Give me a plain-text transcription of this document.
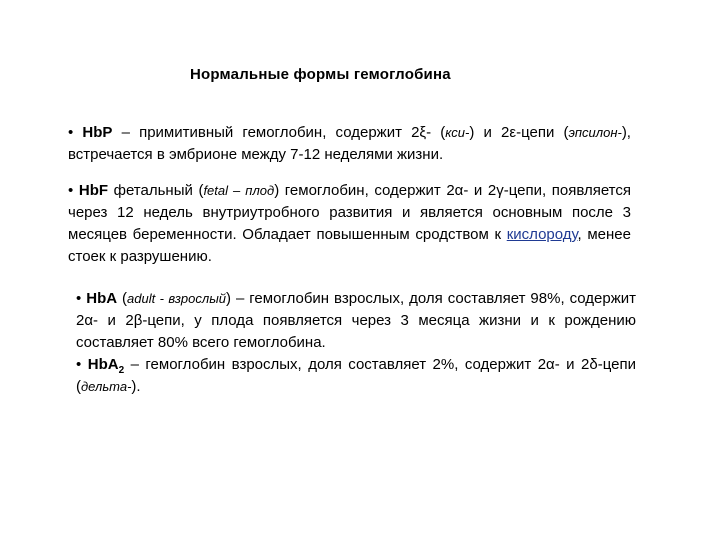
Нормальные формы гемоглобина
• HbP – примитивный гемоглобин, содержит 2ξ- (кси-) и 2ε-цепи (эпсилон-), встречается в эмбрионе между 7-12 неделями жизни.
• HbF фетальный (fetal – плод) гемоглобин, содержит 2α- и 2γ-цепи, появляется через 12 недель внутриутробного развития и является основным после 3 месяцев беременности. Обладает повышенным сродством к кислороду, менее стоек к разрушению.
• HbA (adult - взрослый) – гемоглобин взрослых, доля составляет 98%, содержит 2α- и 2β-цепи, у плода появляется через 3 месяца жизни и к рождению составляет 80% всего гемоглобина.
• HbA$_2$ – гемоглобин взрослых, доля составляет 2%, содержит 2α- и 2δ-цепи (дельта-).
